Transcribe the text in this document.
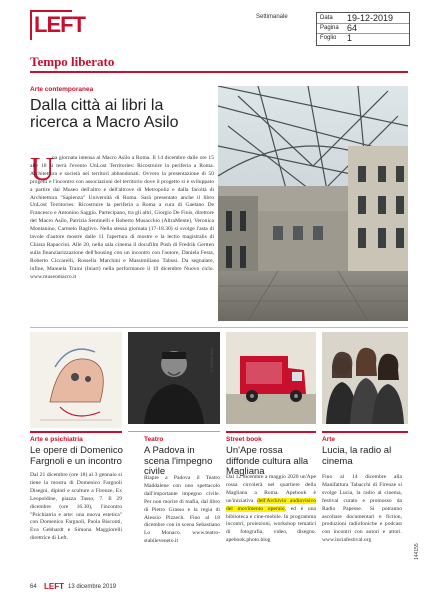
LEFT	Settimanale	Data 19-12-2019
Pagina 64
Foglio 1
Tempo liberato
Arte contemporanea
Dalla città ai libri la ricerca a Macro Asilo
U
na giornata intensa al Macro Asilo a Roma. Il 14 dicembre dalle ore 15 alle 18 si terrà l'evento UnLost Territories: Ricostruire la periferia a Roma. Architettura e società nei territori abbandonati. Ovvero la presentazione di 50 progetti e l'incontro con associazioni del territorio dove il progetto si è sviluppato a partire dal Museo dell'altro e dell'altrove di Metropoliz e dalla facoltà di Architettura "Sapienza" Università di Roma. Sarà presentato anche il libro UnLost Territories: Ricostruire la periferia a Roma a cura di Gaetano De Francesco e Antonino Saggio. Partecipano, tra gli altri, Giorgio De Finis, direttore del Macro Asilo, Patrizia Sentinelli e Roberto Musacchio (AltraMente), Veronica Montanino, Carmelo Baglivo. Nella stessa giornata (17-18.30) si svolge l'asta di tavole d'autore mostre dalle 11 l'apertura di mostre e la lectio magistralis di Chiara Rapaccini. Alle 20, nella sala cinema il docufilm Push di Fredrik Gertten sulla finanziarizzazione dell'housing con un incontro con l'autore, Daniela Festa, Roberto Ciccarelli, Rossella Marchini e Massimiliano Tabusi. Da segnalare, infine, Manuela Traini (Iniart) nella performance il 19 dicembre Nuovo ciclo. www.museomacro.it
Arte e psichiatria
Le opere di Domenico Fargnoli e un incontro
Dal 21 dicembre (ore 18) al 3 gennaio si tiene la mostra di Domenico Fargnoli Disegni, dipinti e sculture a Firenze, Ex Leopoldine, piazza Tasso, 7. Il 29 dicembre (ore 16.30), l'incontro "Psichiatria e arte: una nuova estetica" con Domenico Fargnoli, Paola Bisconti, Eva Gebhardt e Simona Maggiorelli direttrice di Left.
© Stefano Ricci
Teatro
A Padova in scena l'impegno civile
Riapre a Padova il Teatro Maddalene con uno spettacolo dall'importante impegno civile. Per non morire di mafia, dal libro di Pietro Grasso e la regia di Alessio Pizzech. Fino al 18 dicembre con in scena Sebastiano Lo Monaco. www.teatro-stabileveneto.it
Street book
Un'Ape rossa diffonde cultura alla Magliana
Dal 12 dicembre a maggio 2020 un'Ape rossa circolerà nel quartiere della Magliana a Roma. Apebook è un'iniziativa dell'Archivio audiovisivo del movimento operaio, ed è una biblioteca e cine-mobile. In programma incontri, proiezioni, workshop tematici di fotografia, video, disegno. apebook.photo.blog
Arte
Lucia, la radio al cinema
Fino al 14 dicembre alla Manifattura Tabacchi di Firenze si svolge Lucia, la radio al cinema, festival curato e promosso da Radio Papesse. Si potranno ascoltare documentari e fiction, produzioni radiofoniche e podcast con incontri con autori e attori. www.luciafestival.org
144155
64 LEFT 13 dicembre 2019
